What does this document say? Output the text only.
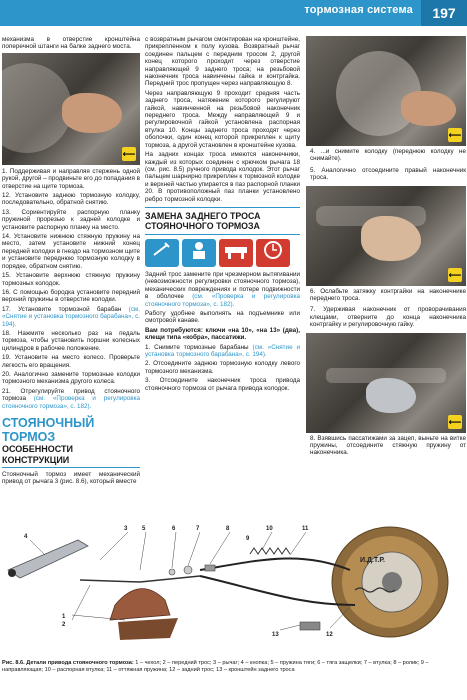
тормозная система	197

механизма в отверстие кронштейна поперечной штанги на балке заднего моста.

⟵

1. Поддерживая и направляя стержень одной рукой, другой – продвиньте его до попадания в отверстие на щите тормоза.

12. Установите заднюю тормозную колодку, последовательно, обратной снятию.

13. Сориентируйте распорную планку пружиной прорезью к задней колодке и установите распорную планку на место.

14. Установите нижнюю стяжную пружину на место, затем установите нижний конец передней колодки в гнездо на тормозном щите и установите переднюю тормозную колодку в порядке, обратном снятию.

15. Установите верхнюю стяжную пружину тормозных колодок.

16. С помощью бородка установите передний верхний пружины в отверстие колодки.

17. Установите тормозной барабан (см. «Снятие и установка тормозного барабана», с. 194).

18. Нажмите несколько раз на педаль тормоза, чтобы установить поршни колесных цилиндров в рабочее положение.

19. Установите на место колесо. Проверьте легкость его вращения.

20. Аналогично замените тормозные колодки тормозного механизма другого колеса.

21. Отрегулируйте привод стояночного тормоза (см. «Проверка и регулировка стояночного тормоза», с. 182).

СТОЯНОЧНЫЙ ТОРМОЗ
ОСОБЕННОСТИ КОНСТРУКЦИИ

Стояночный тормоз имеет механический привод от рычага 3 (рис. 8.6), который вместе

с возвратным рычагом смонтирован на кронштейне, прикрепленном к полу кузова. Возвратный рычаг соединен пальцем с передним тросом 2, другой конец которого проходит через отверстие направляющей 9 заднего троса; на резьбовой наконечник троса навинчены гайка и контргайка. Передний трос пропущен через направляющую 8.

Через направляющую 9 проходит средняя часть заднего троса, натяжение которого регулируют гайкой, навинченной на резьбовой наконечник переднего троса. Между направляющей 9 и регулировочной гайкой установлена распорная втулка 10. Концы заднего троса проходят через оболочки, один конец которой прикреплен к щиту тормоза, а другой установлен в кронштейне кузова.

На задних концах троса имеются наконечники, каждый из которых соединен с крючком рычага 18 (см. рис. 8.5) ручного привода колодок. Этот рычаг пальцем шарнирно прикреплен к тормозной колодке и верхней частью упирается в паз распорной планки 20. В противоположный паз планки установлено ребро тормозной колодки.

ЗАМЕНА ЗАДНЕГО ТРОСА СТОЯНОЧНОГО ТОРМОЗА

Задний трос замените при чрезмерном вытягивании (невозможности регулировки стояночного тормоза), механических повреждениях и потере подвижности в оболочке (см. «Проверка и регулировка стояночного тормоза», с. 182).

Работу удобнее выполнять на подъемнике или смотровой канаве.

Вам потребуются: ключи «на 10», «на 13» (два), клещи типа «кобра», пассатижи.

1. Снимите тормозные барабаны (см. «Снятие и установка тормозного барабана», с. 194).

2. Отсоедините заднюю тормозную колодку левого тормозного механизма.

3. Отсоедините наконечник троса привода стояночного тормоза от рычага привода колодок.

⟵

4. ...и снимите колодку (переднюю колодку не снимайте).

5. Аналогично отсоедините правый наконечник троса.

⟵

6. Ослабьте затяжку контргайки на наконечнике переднего троса.

7. Удерживая наконечник от проворачивания клещами, отверните до конца наконечника контргайку и регулировочную гайку.

⟵

8. Взявшись пассатижами за зацеп, выньте на витке пружины, отсоедините стяжную пружину от наконечника.

И.Д.Т.Р.
4
1
2
3 5	6	7	8	10	11
9
13	12
Рис. 8.6. Детали привода стояночного тормоза: 1 – чехол; 2 – передний трос; 3 – рычаг; 4 – кнопка; 5 – пружина тяги; 6 – тяга защелки; 7 – втулка; 8 – ролик; 9 – направляющая; 10 – распорная втулка; 11 – оттяжная пружина; 12 – задний трос; 13 – кронштейн заднего троса
